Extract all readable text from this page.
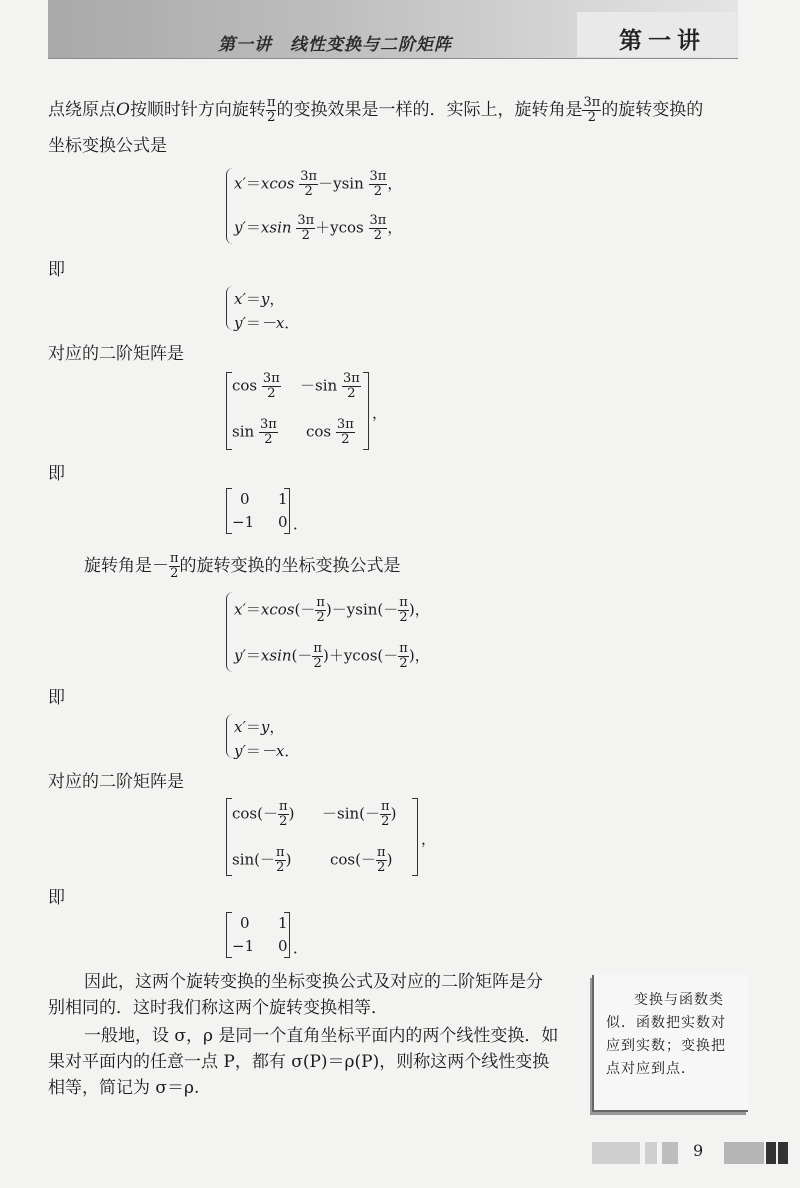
第一讲　线性变换与二阶矩阵	第一讲
点绕原点O按顺时针方向旋转 $\frac{\pi}{2}$ 的变换效果是一样的．实际上，旋转角是 $\frac{3\pi}{2}$ 的旋转变换的
坐标变换公式是
$x'=xcos \frac{3\pi}{2} -ysin \frac{3\pi}{2}$ ，
$y'=xsin \frac{3\pi}{2} +ycos \frac{3\pi}{2}$ ，
即
x′＝y，
y′＝－x．
对应的二阶矩阵是
$\cos \frac{3\pi}{2} -\sin \frac{3\pi}{2}$
$\sin \frac{3\pi}{2}$ $\cos \frac{3\pi}{2}$
，
即
0 1
−1 0 ．
旋转角是－ $\frac{\pi}{2}$ 的旋转变换的坐标变换公式是
$x'=xcos(- \frac{\pi}{2} )-ysin(- \frac{\pi}{2}$ )，
$y'=xsin(- \frac{\pi}{2} )+ycos(- \frac{\pi}{2}$ )，
即
x′＝y，
y′＝－x．
对应的二阶矩阵是
$\cos(- \frac{\pi}{2}$ ) $-\sin(- \frac{\pi}{2}$ )
$\sin(- \frac{\pi}{2}$ )	$\cos(- \frac{\pi}{2}$ )
，
即
0 1
−1 0 ．
因此，这两个旋转变换的坐标变换公式及对应的二阶矩阵是分
别相同的．这时我们称这两个旋转变换相等．
一般地，设 σ，ρ 是同一个直角坐标平面内的两个线性变换．如
果对平面内的任意一点 P，都有 σ(P)＝ρ(P)，则称这两个线性变换
相等，简记为 σ＝ρ.

变换与函数类似．函数把实数对应到实数；变换把点对应到点．

9
